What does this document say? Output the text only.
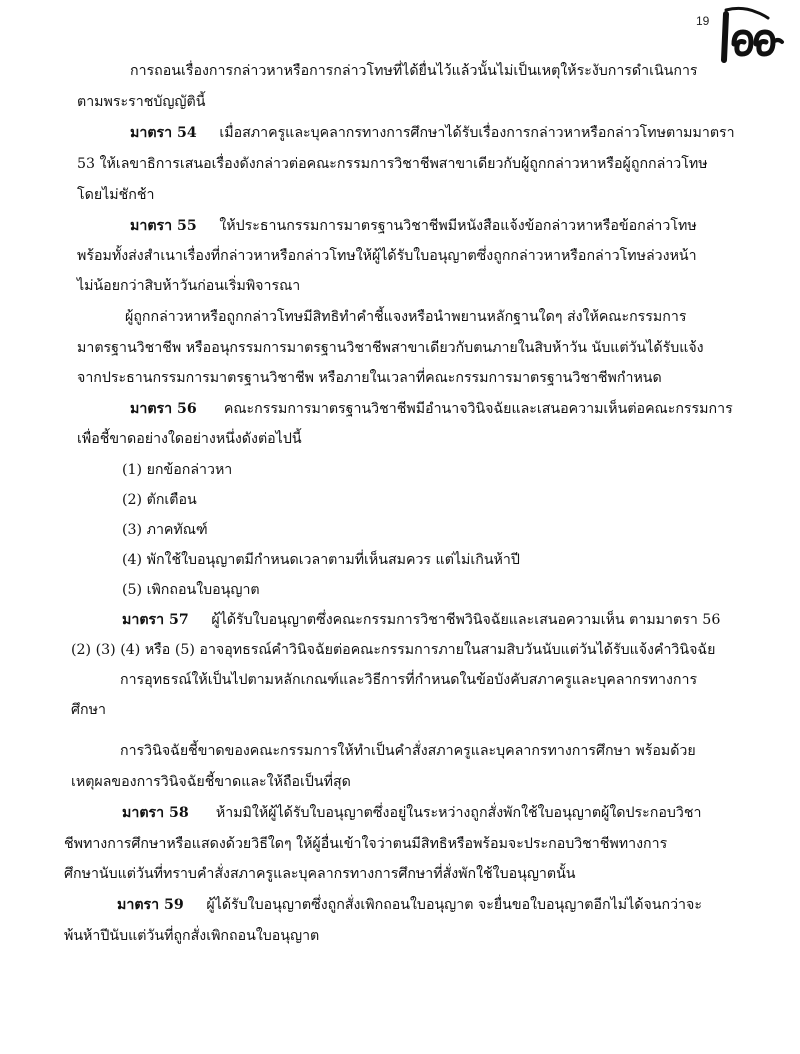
19
การถอนเรื่องการกล่าวหาหรือการกล่าวโทษที่ได้ยื่นไว้แล้วนั้นไม่เป็นเหตุให้ระงับการดำเนินการ
ตามพระราชบัญญัตินี้
มาตรา 54 เมื่อสภาครูและบุคลากรทางการศึกษาได้รับเรื่องการกล่าวหาหรือกล่าวโทษตามมาตรา
53 ให้เลขาธิการเสนอเรื่องดังกล่าวต่อคณะกรรมการวิชาชีพสาขาเดียวกับผู้ถูกกล่าวหาหรือผู้ถูกกล่าวโทษ
โดยไม่ชักช้า
มาตรา 55 ให้ประธานกรรมการมาตรฐานวิชาชีพมีหนังสือแจ้งข้อกล่าวหาหรือข้อกล่าวโทษ
พร้อมทั้งส่งสำเนาเรื่องที่กล่าวหาหรือกล่าวโทษให้ผู้ได้รับใบอนุญาตซึ่งถูกกล่าวหาหรือกล่าวโทษล่วงหน้า
ไม่น้อยกว่าสิบห้าวันก่อนเริ่มพิจารณา
ผู้ถูกกล่าวหาหรือถูกกล่าวโทษมีสิทธิทำคำชี้แจงหรือนำพยานหลักฐานใดๆ ส่งให้คณะกรรมการ
มาตรฐานวิชาชีพ หรืออนุกรรมการมาตรฐานวิชาชีพสาขาเดียวกับตนภายในสิบห้าวัน นับแต่วันได้รับแจ้ง
จากประธานกรรมการมาตรฐานวิชาชีพ หรือภายในเวลาที่คณะกรรมการมาตรฐานวิชาชีพกำหนด
มาตรา 56 คณะกรรมการมาตรฐานวิชาชีพมีอำนาจวินิจฉัยและเสนอความเห็นต่อคณะกรรมการ
เพื่อชี้ขาดอย่างใดอย่างหนึ่งดังต่อไปนี้
(1) ยกข้อกล่าวหา
(2) ตักเตือน
(3) ภาคทัณฑ์
(4) พักใช้ใบอนุญาตมีกำหนดเวลาตามที่เห็นสมควร แต่ไม่เกินห้าปี
(5) เพิกถอนใบอนุญาต
มาตรา 57 ผู้ได้รับใบอนุญาตซึ่งคณะกรรมการวิชาชีพวินิจฉัยและเสนอความเห็น ตามมาตรา 56
(2) (3) (4) หรือ (5) อาจอุทธรณ์คำวินิจฉัยต่อคณะกรรมการภายในสามสิบวันนับแต่วันได้รับแจ้งคำวินิจฉัย
การอุทธรณ์ให้เป็นไปตามหลักเกณฑ์และวิธีการที่กำหนดในข้อบังคับสภาครูและบุคลากรทางการ
ศึกษา
การวินิจฉัยชี้ขาดของคณะกรรมการให้ทำเป็นคำสั่งสภาครูและบุคลากรทางการศึกษา พร้อมด้วย
เหตุผลของการวินิจฉัยชี้ขาดและให้ถือเป็นที่สุด
มาตรา 58 ห้ามมิให้ผู้ได้รับใบอนุญาตซึ่งอยู่ในระหว่างถูกสั่งพักใช้ใบอนุญาตผู้ใดประกอบวิชา
ชีพทางการศึกษาหรือแสดงด้วยวิธีใดๆ ให้ผู้อื่นเข้าใจว่าตนมีสิทธิหรือพร้อมจะประกอบวิชาชีพทางการ
ศึกษานับแต่วันที่ทราบคำสั่งสภาครูและบุคลากรทางการศึกษาที่สั่งพักใช้ใบอนุญาตนั้น
มาตรา 59 ผู้ได้รับใบอนุญาตซึ่งถูกสั่งเพิกถอนใบอนุญาต จะยื่นขอใบอนุญาตอีกไม่ได้จนกว่าจะ
พ้นห้าปีนับแต่วันที่ถูกสั่งเพิกถอนใบอนุญาต
